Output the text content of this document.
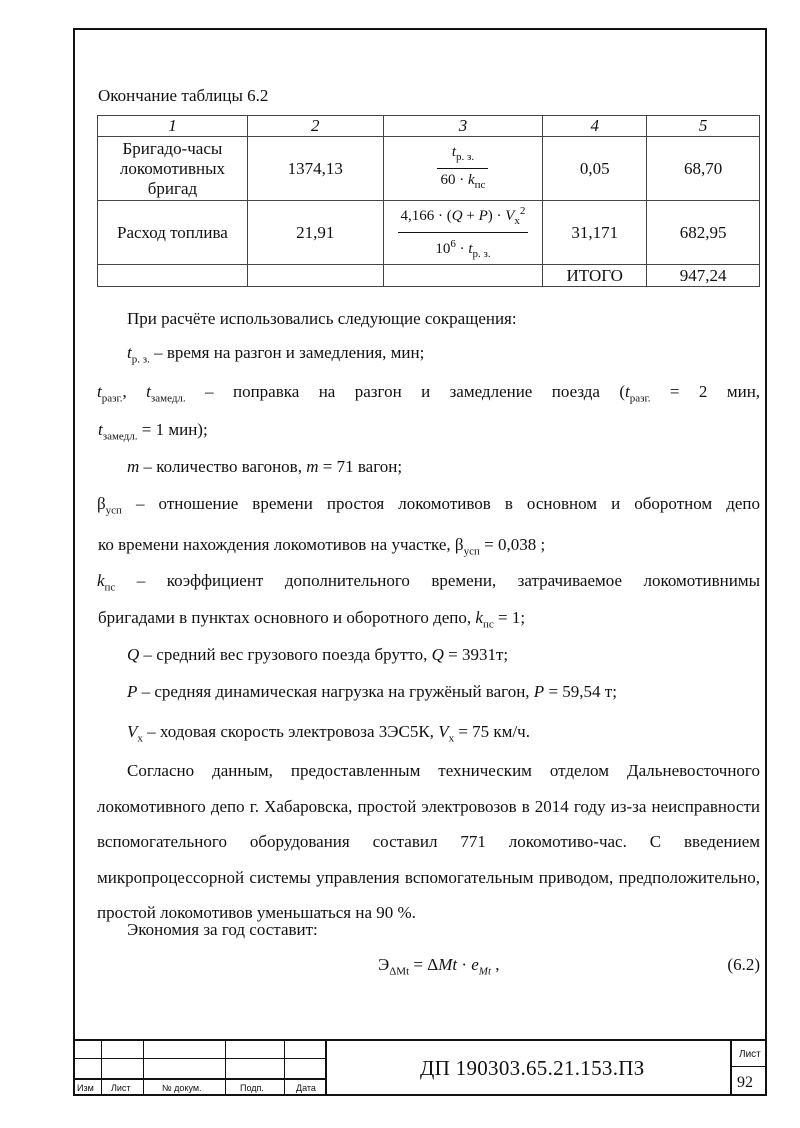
Окончание таблицы 6.2
1	2	3	4	5
Бригадо-часы
локомотивных
бригад	1374,13	$\frac{t_{р. з.}}{60 \cdot k_{пс}}$	0,05	68,70
Расход топлива	21,91	$\frac{4,166 \cdot (Q + P) \cdot V_x^2}{10^6 \cdot t_{р. з.}}$	31,171	682,95
			ИТОГО	947,24
При расчёте использовались следующие сокращения:
$t_{р. з.}$ – время на разгон и замедления, мин;
$t_{разг.}$, $t_{замедл.}$ – поправка на разгон и замедление поезда ($t_{разг.} = 2$ мин,
$t_{замедл.} = 1$ мин);
m – количество вагонов, m = 71 вагон;
$\beta_{усп}$ – отношение времени простоя локомотивов в основном и оборотном депо
ко времени нахождения локомотивов на участке, $\beta_{усп} = 0,038$ ;
$k_{пс}$ – коэффициент дополнительного времени, затрачиваемое локомотивнимы
бригадами в пунктах основного и оборотного депо, $k_{пс} = 1$;
Q – средний вес грузового поезда брутто, Q = 3931т;
P – средняя динамическая нагрузка на гружёный вагон, P = 59,54 т;
$V_x$ – ходовая скорость электровоза 3ЭС5К, $V_x = 75$ км/ч.
Согласно данным, предоставленным техническим отделом Дальневосточного локомотивного депо г. Хабаровска, простой электровозов в 2014 году из-за неисправности вспомогательного оборудования составил 771 локомотиво-час. С введением микропроцессорной системы управления вспомогательным приводом, предположительно, простой локомотивов уменьшаться на 90 %.
Экономия за год составит:
$Э_{\Delta Mt} = \Delta Mt \cdot e_{Mt}$ ,	(6.2)
Изм Лист	№ докум.	Подп.	Дата
ДП 190303.65.21.153.ПЗ
Лист
92
